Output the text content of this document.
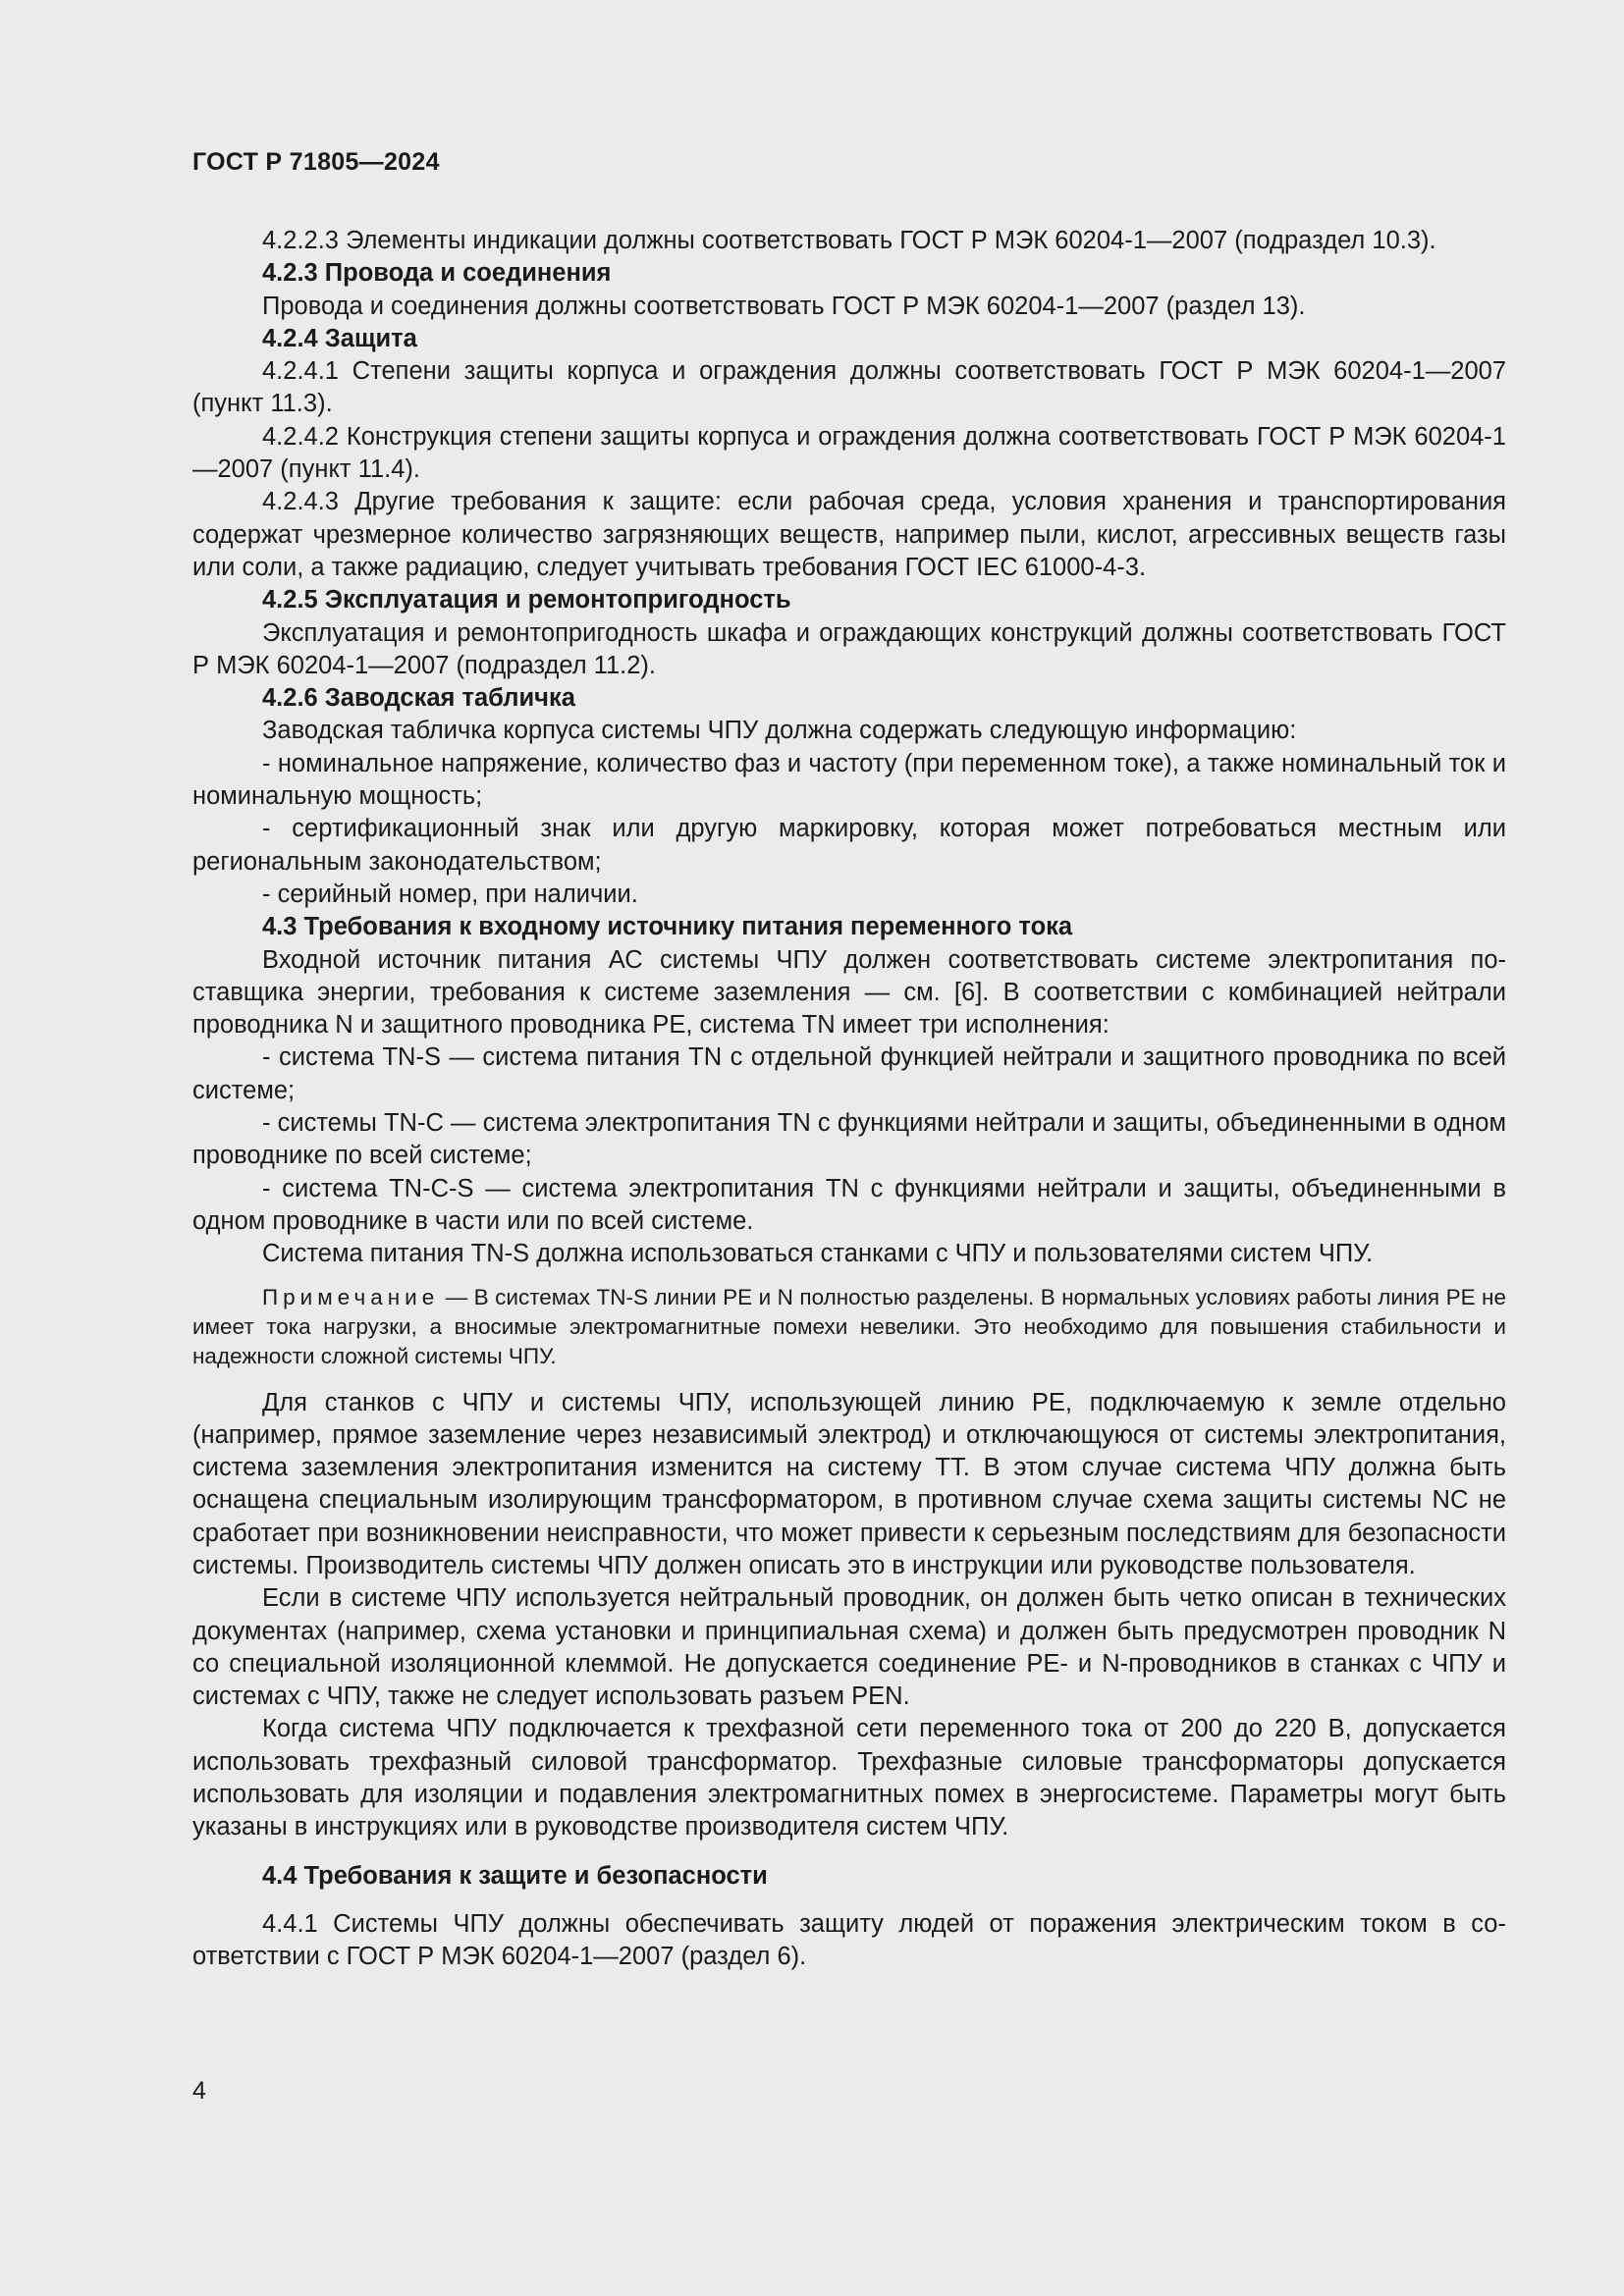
ГОСТ Р 71805—2024

4.2.2.3 Элементы индикации должны соответствовать ГОСТ Р МЭК 60204-1—2007 (подраздел 10.3).

4.2.3 Провода и соединения

Провода и соединения должны соответствовать ГОСТ Р МЭК 60204-1—2007 (раздел 13).

4.2.4 Защита

4.2.4.1 Степени защиты корпуса и ограждения должны соответствовать ГОСТ Р МЭК 60204-1—2007 (пункт 11.3).

4.2.4.2 Конструкция степени защиты корпуса и ограждения должна соответствовать ГОСТ Р МЭК 60204-1—2007 (пункт 11.4).

4.2.4.3 Другие требования к защите: если рабочая среда, условия хранения и транспортирования содержат чрезмерное количество загрязняющих веществ, например пыли, кислот, агрессивных веществ газы или соли, а также радиацию, следует учитывать требования ГОСТ IEC 61000-4-3.

4.2.5 Эксплуатация и ремонтопригодность

Эксплуатация и ремонтопригодность шкафа и ограждающих конструкций должны соответствовать ГОСТ Р МЭК 60204-1—2007 (подраздел 11.2).

4.2.6 Заводская табличка

Заводская табличка корпуса системы ЧПУ должна содержать следующую информацию:

- номинальное напряжение, количество фаз и частоту (при переменном токе), а также номинальный ток и номинальную мощность;

- сертификационный знак или другую маркировку, которая может потребоваться местным или региональным законодательством;

- серийный номер, при наличии.

4.3 Требования к входному источнику питания переменного тока

Входной источник питания АС системы ЧПУ должен соответствовать системе электропитания поставщика энергии, требования к системе заземления — см. [6]. В соответствии с комбинацией нейтрали проводника N и защитного проводника РЕ, система TN имеет три исполнения:

- система TN-S — система питания TN с отдельной функцией нейтрали и защитного проводника по всей системе;

- системы TN-C — система электропитания TN с функциями нейтрали и защиты, объединенными в одном проводнике по всей системе;

- система TN-C-S — система электропитания TN с функциями нейтрали и защиты, объединенными в одном проводнике в части или по всей системе.

Система питания TN-S должна использоваться станками с ЧПУ и пользователями систем ЧПУ.

Примечание — В системах TN-S линии РЕ и N полностью разделены. В нормальных условиях работы линия РЕ не имеет тока нагрузки, а вносимые электромагнитные помехи невелики. Это необходимо для повышения стабильности и надежности сложной системы ЧПУ.

Для станков с ЧПУ и системы ЧПУ, использующей линию РЕ, подключаемую к земле отдельно (например, прямое заземление через независимый электрод) и отключающуюся от системы электропитания, система заземления электропитания изменится на систему ТТ. В этом случае система ЧПУ должна быть оснащена специальным изолирующим трансформатором, в противном случае схема защиты системы NC не сработает при возникновении неисправности, что может привести к серьезным последствиям для безопасности системы. Производитель системы ЧПУ должен описать это в инструкции или руководстве пользователя.

Если в системе ЧПУ используется нейтральный проводник, он должен быть четко описан в технических документах (например, схема установки и принципиальная схема) и должен быть предусмотрен проводник N со специальной изоляционной клеммой. Не допускается соединение РЕ- и N-проводников в станках с ЧПУ и системах с ЧПУ, также не следует использовать разъем PEN.

Когда система ЧПУ подключается к трехфазной сети переменного тока от 200 до 220 В, допускается использовать трехфазный силовой трансформатор. Трехфазные силовые трансформаторы допускается использовать для изоляции и подавления электромагнитных помех в энергосистеме. Параметры могут быть указаны в инструкциях или в руководстве производителя систем ЧПУ.

4.4 Требования к защите и безопасности

4.4.1 Системы ЧПУ должны обеспечивать защиту людей от поражения электрическим током в соответствии с ГОСТ Р МЭК 60204-1—2007 (раздел 6).

4
